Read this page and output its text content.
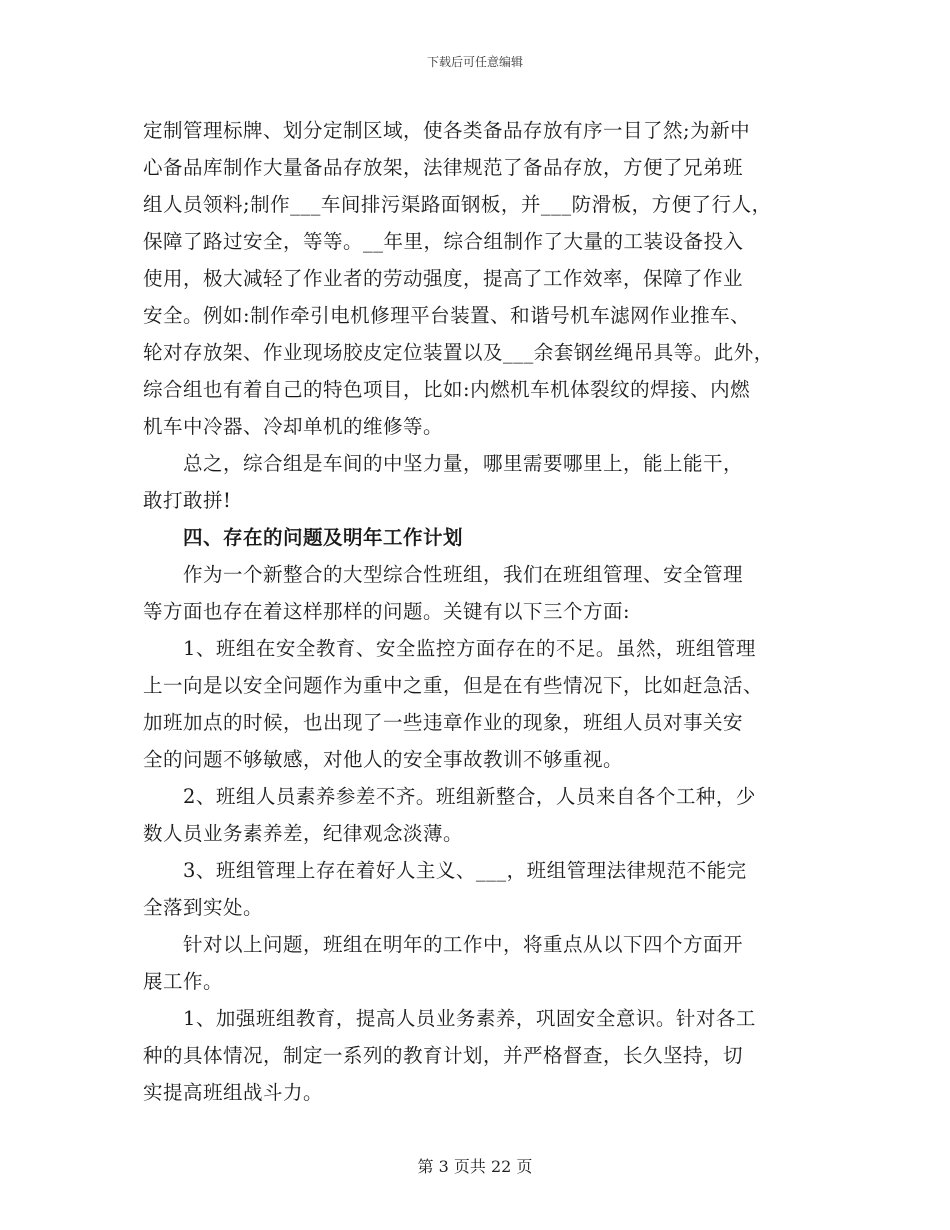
下载后可任意编辑
定制管理标牌、划分定制区域，使各类备品存放有序一目了然;为新中
心备品库制作大量备品存放架，法律规范了备品存放，方便了兄弟班
组人员领料;制作___车间排污渠路面钢板，并___防滑板，方便了行人，
保障了路过安全，等等。__年里，综合组制作了大量的工装设备投入
使用，极大减轻了作业者的劳动强度，提高了工作效率，保障了作业
安全。例如:制作牵引电机修理平台装置、和谐号机车滤网作业推车、
轮对存放架、作业现场胶皮定位装置以及___余套钢丝绳吊具等。此外，
综合组也有着自己的特色项目，比如:内燃机车机体裂纹的焊接、内燃
机车中冷器、冷却单机的维修等。
　　总之，综合组是车间的中坚力量，哪里需要哪里上，能上能干，
敢打敢拼!
　　四、存在的问题及明年工作计划
　　作为一个新整合的大型综合性班组，我们在班组管理、安全管理
等方面也存在着这样那样的问题。关键有以下三个方面:
　　1、班组在安全教育、安全监控方面存在的不足。虽然，班组管理
上一向是以安全问题作为重中之重，但是在有些情况下，比如赶急活、
加班加点的时候，也出现了一些违章作业的现象，班组人员对事关安
全的问题不够敏感，对他人的安全事故教训不够重视。
　　2、班组人员素养参差不齐。班组新整合，人员来自各个工种，少
数人员业务素养差，纪律观念淡薄。
　　3、班组管理上存在着好人主义、___，班组管理法律规范不能完
全落到实处。
　　针对以上问题，班组在明年的工作中，将重点从以下四个方面开
展工作。
　　1、加强班组教育，提高人员业务素养，巩固安全意识。针对各工
种的具体情况，制定一系列的教育计划，并严格督查，长久坚持，切
实提高班组战斗力。
第 3 页共 22 页
